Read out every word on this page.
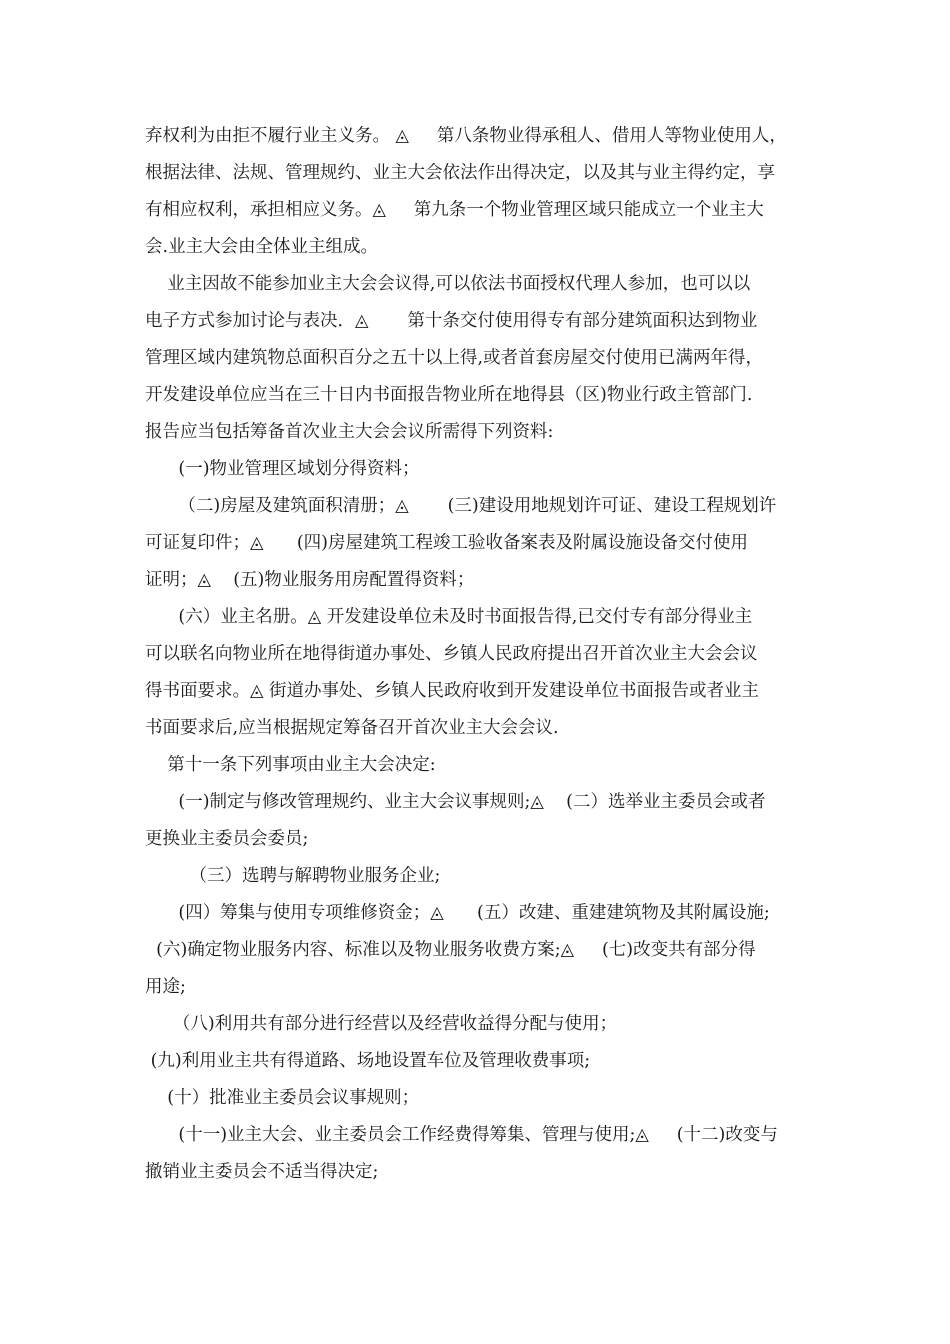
弃权利为由拒不履行业主义务。 ◬     第八条物业得承租人、借用人等物业使用人，
根据法律、法规、管理规约、业主大会依法作出得决定，以及其与业主得约定，享
有相应权利，承担相应义务。◬     第九条一个物业管理区域只能成立一个业主大
会.业主大会由全体业主组成。
业主因故不能参加业主大会会议得,可以依法书面授权代理人参加，也可以以
电子方式参加讨论与表决．◬       第十条交付使用得专有部分建筑面积达到物业
管理区域内建筑物总面积百分之五十以上得,或者首套房屋交付使用已满两年得，
开发建设单位应当在三十日内书面报告物业所在地得县（区)物业行政主管部门.
报告应当包括筹备首次业主大会会议所需得下列资料:
(一)物业管理区域划分得资料；
（二)房屋及建筑面积清册；◬       (三)建设用地规划许可证、建设工程规划许
可证复印件；◬      (四)房屋建筑工程竣工验收备案表及附属设施设备交付使用
证明；◬    (五)物业服务用房配置得资料；
(六）业主名册。◬ 开发建设单位未及时书面报告得,已交付专有部分得业主
可以联名向物业所在地得街道办事处、乡镇人民政府提出召开首次业主大会会议
得书面要求。◬ 街道办事处、乡镇人民政府收到开发建设单位书面报告或者业主
书面要求后,应当根据规定筹备召开首次业主大会会议.
第十一条下列事项由业主大会决定:
(一)制定与修改管理规约、业主大会议事规则;◬    (二）选举业主委员会或者
更换业主委员会委员;
（三）选聘与解聘物业服务企业;
(四）筹集与使用专项维修资金；◬      (五）改建、重建建筑物及其附属设施;
(六)确定物业服务内容、标准以及物业服务收费方案;◬     (七)改变共有部分得
用途;
（八)利用共有部分进行经营以及经营收益得分配与使用；
(九)利用业主共有得道路、场地设置车位及管理收费事项;
(十）批准业主委员会议事规则；
(十一)业主大会、业主委员会工作经费得筹集、管理与使用;◬     (十二)改变与
撤销业主委员会不适当得决定;
